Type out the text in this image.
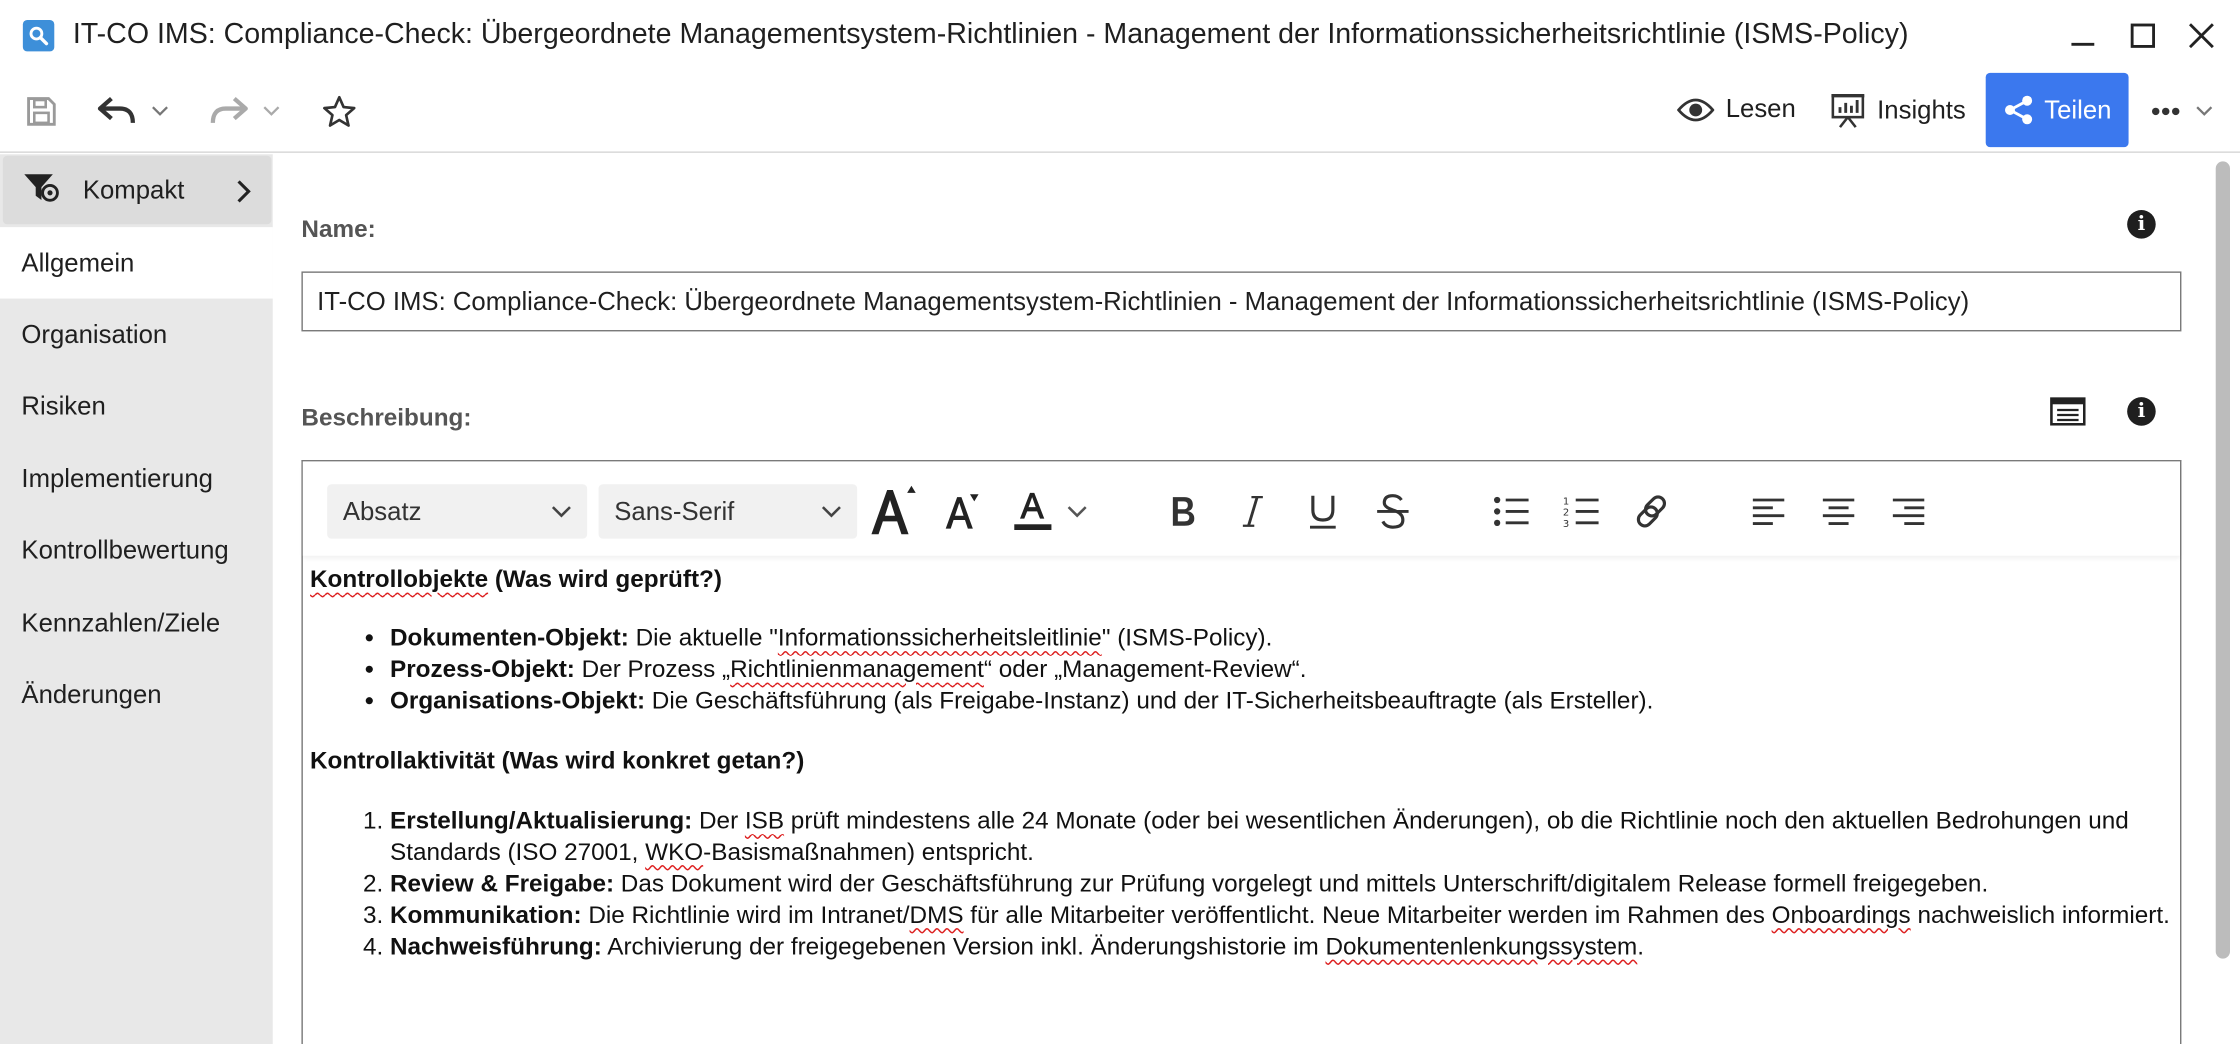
IT-CO IMS: Compliance-Check: Übergeordnete Managementsystem-Richtlinien - Management der Informationssicherheitsrichtlinie (ISMS-Policy)
Lesen	Insights	Teilen
Kompakt
Allgemein
Organisation
Risiken
Implementierung
Kontrollbewertung
Kennzahlen/Ziele
Änderungen
Name:	i
IT-CO IMS: Compliance-Check: Übergeordnete Managementsystem-Richtlinien - Management der Informationssicherheitsrichtlinie (ISMS-Policy)
Beschreibung:	i
Absatz	Sans-Serif	1
2
3
Kontrollobjekte (Was wird geprüft?)
• Dokumenten-Objekt: Die aktuelle "Informationssicherheitsleitlinie" (ISMS-Policy).
• Prozess-Objekt: Der Prozess „Richtlinienmanagement“ oder „Management-Review“.
• Organisations-Objekt: Die Geschäftsführung (als Freigabe-Instanz) und der IT-Sicherheitsbeauftragte (als Ersteller).
Kontrollaktivität (Was wird konkret getan?)
1. Erstellung/Aktualisierung: Der ISB prüft mindestens alle 24 Monate (oder bei wesentlichen Änderungen), ob die Richtlinie noch den aktuellen Bedrohungen und Standards (ISO 27001, WKO-Basismaßnahmen) entspricht.
2. Review & Freigabe: Das Dokument wird der Geschäftsführung zur Prüfung vorgelegt und mittels Unterschrift/digitalem Release formell freigegeben.
3. Kommunikation: Die Richtlinie wird im Intranet/DMS für alle Mitarbeiter veröffentlicht. Neue Mitarbeiter werden im Rahmen des Onboardings nachweislich informiert.
4. Nachweisführung: Archivierung der freigegebenen Version inkl. Änderungshistorie im Dokumentenlenkungssystem.
